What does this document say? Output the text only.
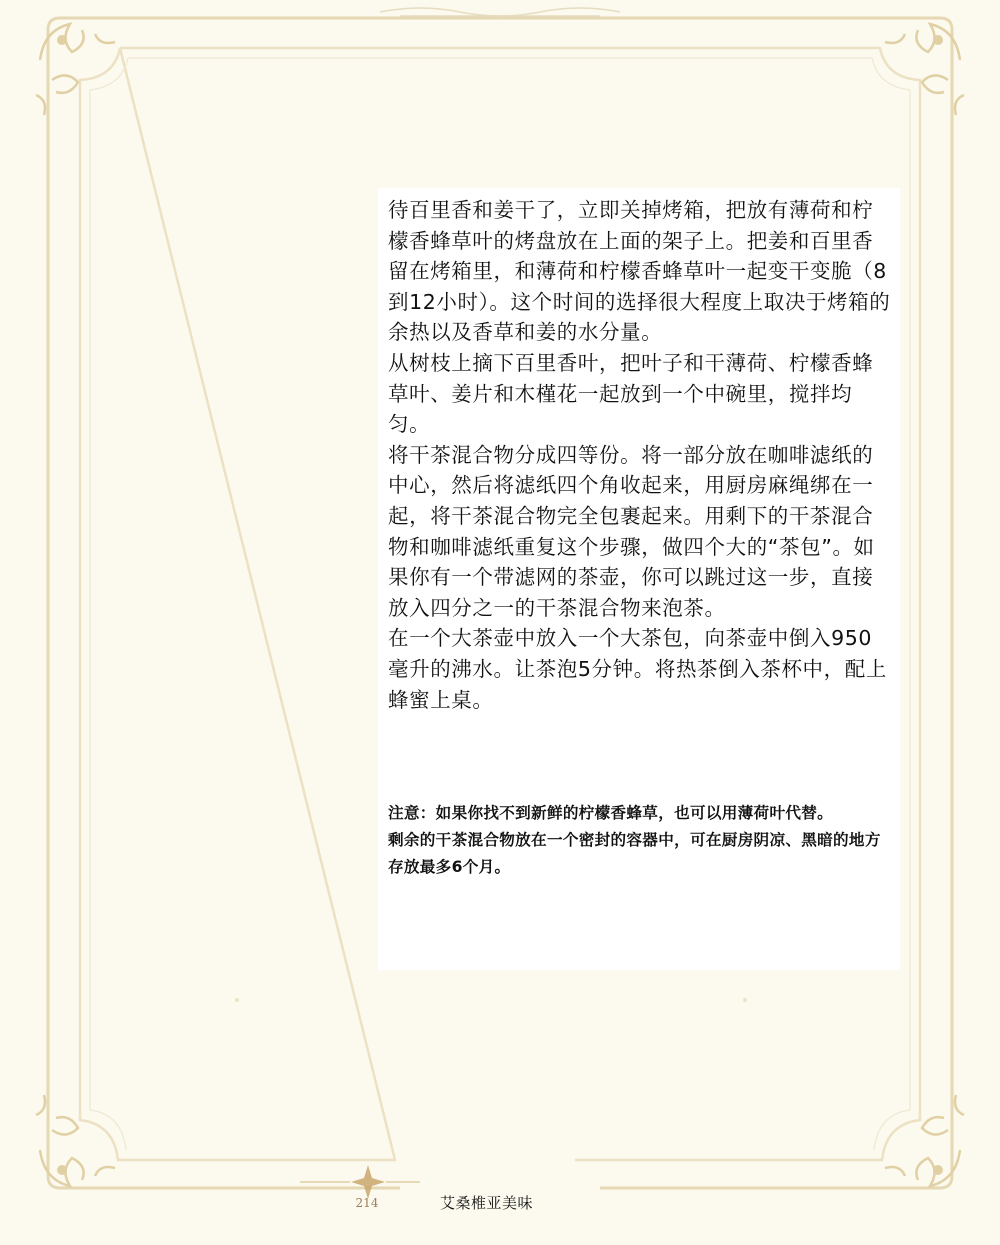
待百里香和姜干了，立即关掉烤箱，把放有薄荷和柠檬香蜂草叶的烤盘放在上面的架子上。把姜和百里香留在烤箱里，和薄荷和柠檬香蜂草叶一起变干变脆（8到12小时）。这个时间的选择很大程度上取决于烤箱的余热以及香草和姜的水分量。

从树枝上摘下百里香叶，把叶子和干薄荷、柠檬香蜂草叶、姜片和木槿花一起放到一个中碗里，搅拌均匀。

将干茶混合物分成四等份。将一部分放在咖啡滤纸的中心，然后将滤纸四个角收起来，用厨房麻绳绑在一起，将干茶混合物完全包裹起来。用剩下的干茶混合物和咖啡滤纸重复这个步骤，做四个大的“茶包”。如果你有一个带滤网的茶壶，你可以跳过这一步，直接放入四分之一的干茶混合物来泡茶。

在一个大茶壶中放入一个大茶包，向茶壶中倒入950毫升的沸水。让茶泡5分钟。将热茶倒入茶杯中，配上蜂蜜上桌。

注意：如果你找不到新鲜的柠檬香蜂草，也可以用薄荷叶代替。

剩余的干茶混合物放在一个密封的容器中，可在厨房阴凉、黑暗的地方存放最多6个月。

214	艾桑椎亚美味
